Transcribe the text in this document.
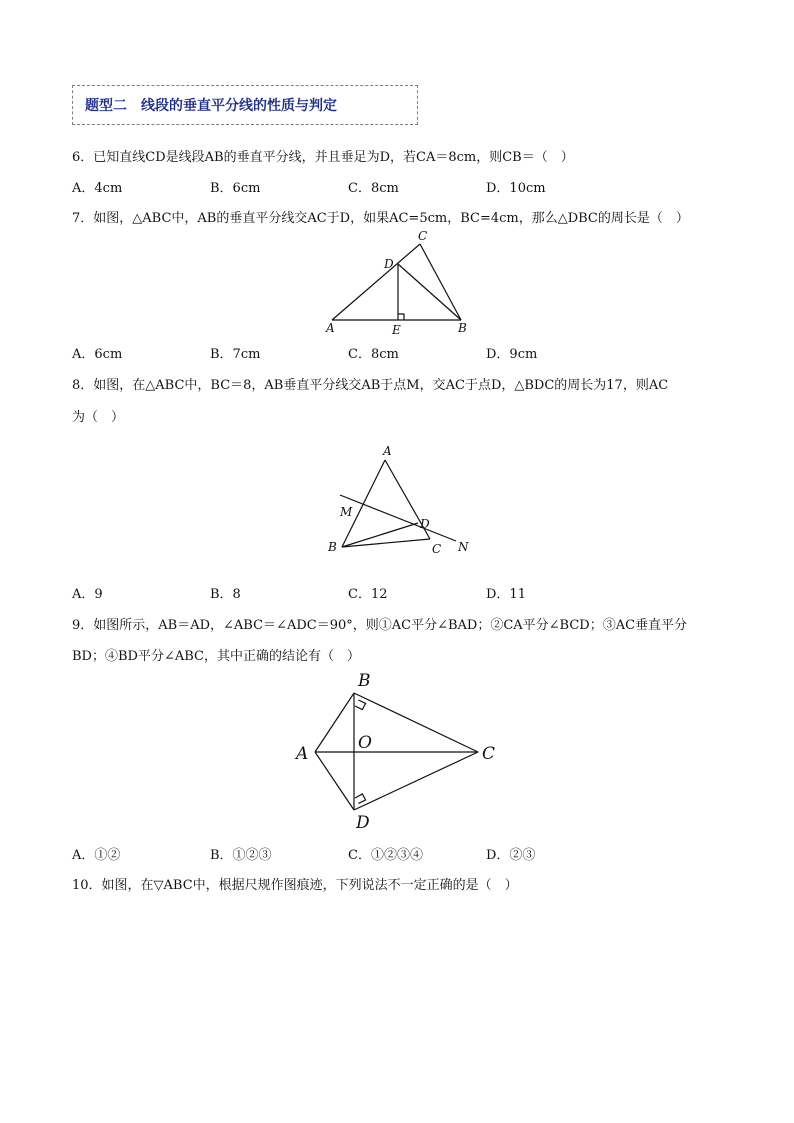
题型二　线段的垂直平分线的性质与判定
6．已知直线CD是线段AB的垂直平分线，并且垂足为D，若CA＝8cm，则CB＝（　）
A．4cm	B．6cm	C．8cm	D．10cm
7．如图，△ABC中，AB的垂直平分线交AC于D，如果AC=5cm，BC=4cm，那么△DBC的周长是（　）
A	B
C
D
E
A．6cm	B．7cm	C．8cm	D．9cm
8．如图，在△ABC中，BC＝8，AB垂直平分线交AB于点M，交AC于点D，△BDC的周长为17，则AC
为（　）
A
B	C
D
M
N
A．9	B．8	C．12	D．11
9．如图所示，AB＝AD，∠ABC＝∠ADC＝90°，则①AC平分∠BAD；②CA平分∠BCD；③AC垂直平分
BD；④BD平分∠ABC，其中正确的结论有（　）
B
A	C
D
O
A．①②	B．①②③	C．①②③④	D．②③
10．如图，在▽ABC中，根据尺规作图痕迹，下列说法不一定正确的是（　）
